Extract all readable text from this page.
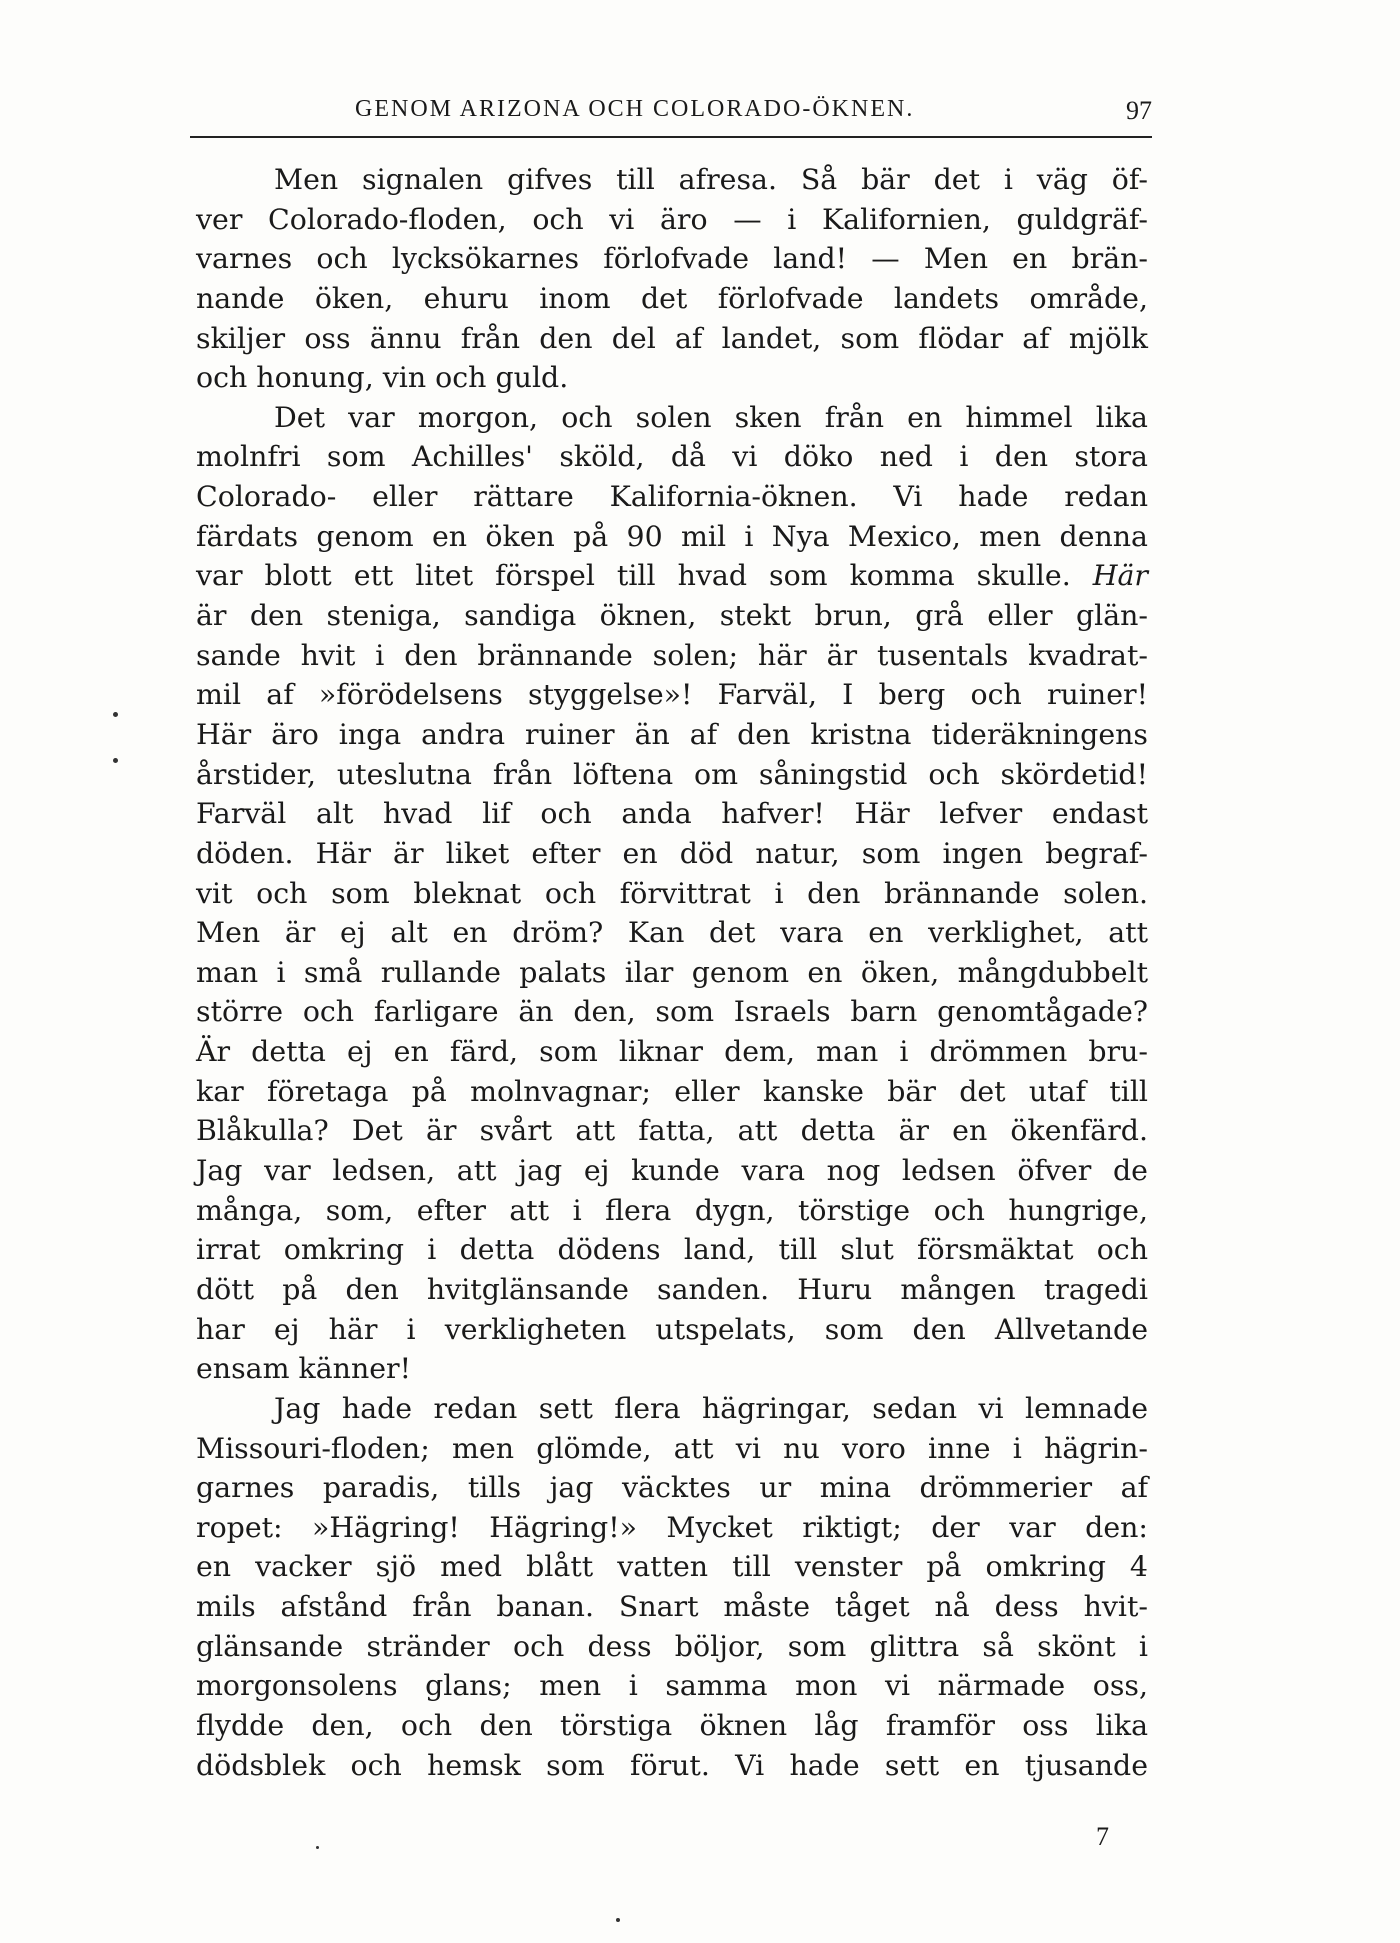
GENOM ARIZONA OCH COLORADO-ÖKNEN.	97
Men signalen gifves till afresa. Så bär det i väg öf-
ver Colorado-floden, och vi äro — i Kalifornien, guldgräf-
varnes och lycksökarnes förlofvade land! — Men en brän-
nande öken, ehuru inom det förlofvade landets område,
skiljer oss ännu från den del af landet, som flödar af mjölk
och honung, vin och guld.
Det var morgon, och solen sken från en himmel lika
molnfri som Achilles' sköld, då vi döko ned i den stora
Colorado- eller rättare Kalifornia-öknen. Vi hade redan
färdats genom en öken på 90 mil i Nya Mexico, men denna
var blott ett litet förspel till hvad som komma skulle. Här
är den steniga, sandiga öknen, stekt brun, grå eller glän-
sande hvit i den brännande solen; här är tusentals kvadrat-
mil af »förödelsens styggelse»! Farväl, I berg och ruiner!
Här äro inga andra ruiner än af den kristna tideräkningens
årstider, uteslutna från löftena om såningstid och skördetid!
Farväl alt hvad lif och anda hafver! Här lefver endast
döden. Här är liket efter en död natur, som ingen begraf-
vit och som bleknat och förvittrat i den brännande solen.
Men är ej alt en dröm? Kan det vara en verklighet, att
man i små rullande palats ilar genom en öken, mångdubbelt
större och farligare än den, som Israels barn genomtågade?
Är detta ej en färd, som liknar dem, man i drömmen bru-
kar företaga på molnvagnar; eller kanske bär det utaf till
Blåkulla? Det är svårt att fatta, att detta är en ökenfärd.
Jag var ledsen, att jag ej kunde vara nog ledsen öfver de
många, som, efter att i flera dygn, törstige och hungrige,
irrat omkring i detta dödens land, till slut försmäktat och
dött på den hvitglänsande sanden. Huru mången tragedi
har ej här i verkligheten utspelats, som den Allvetande
ensam känner!
Jag hade redan sett flera hägringar, sedan vi lemnade
Missouri-floden; men glömde, att vi nu voro inne i hägrin-
garnes paradis, tills jag väcktes ur mina drömmerier af
ropet: »Hägring! Hägring!» Mycket riktigt; der var den:
en vacker sjö med blått vatten till venster på omkring 4
mils afstånd från banan. Snart måste tåget nå dess hvit-
glänsande stränder och dess böljor, som glittra så skönt i
morgonsolens glans; men i samma mon vi närmade oss,
flydde den, och den törstiga öknen låg framför oss lika
dödsblek och hemsk som förut. Vi hade sett en tjusande
7
